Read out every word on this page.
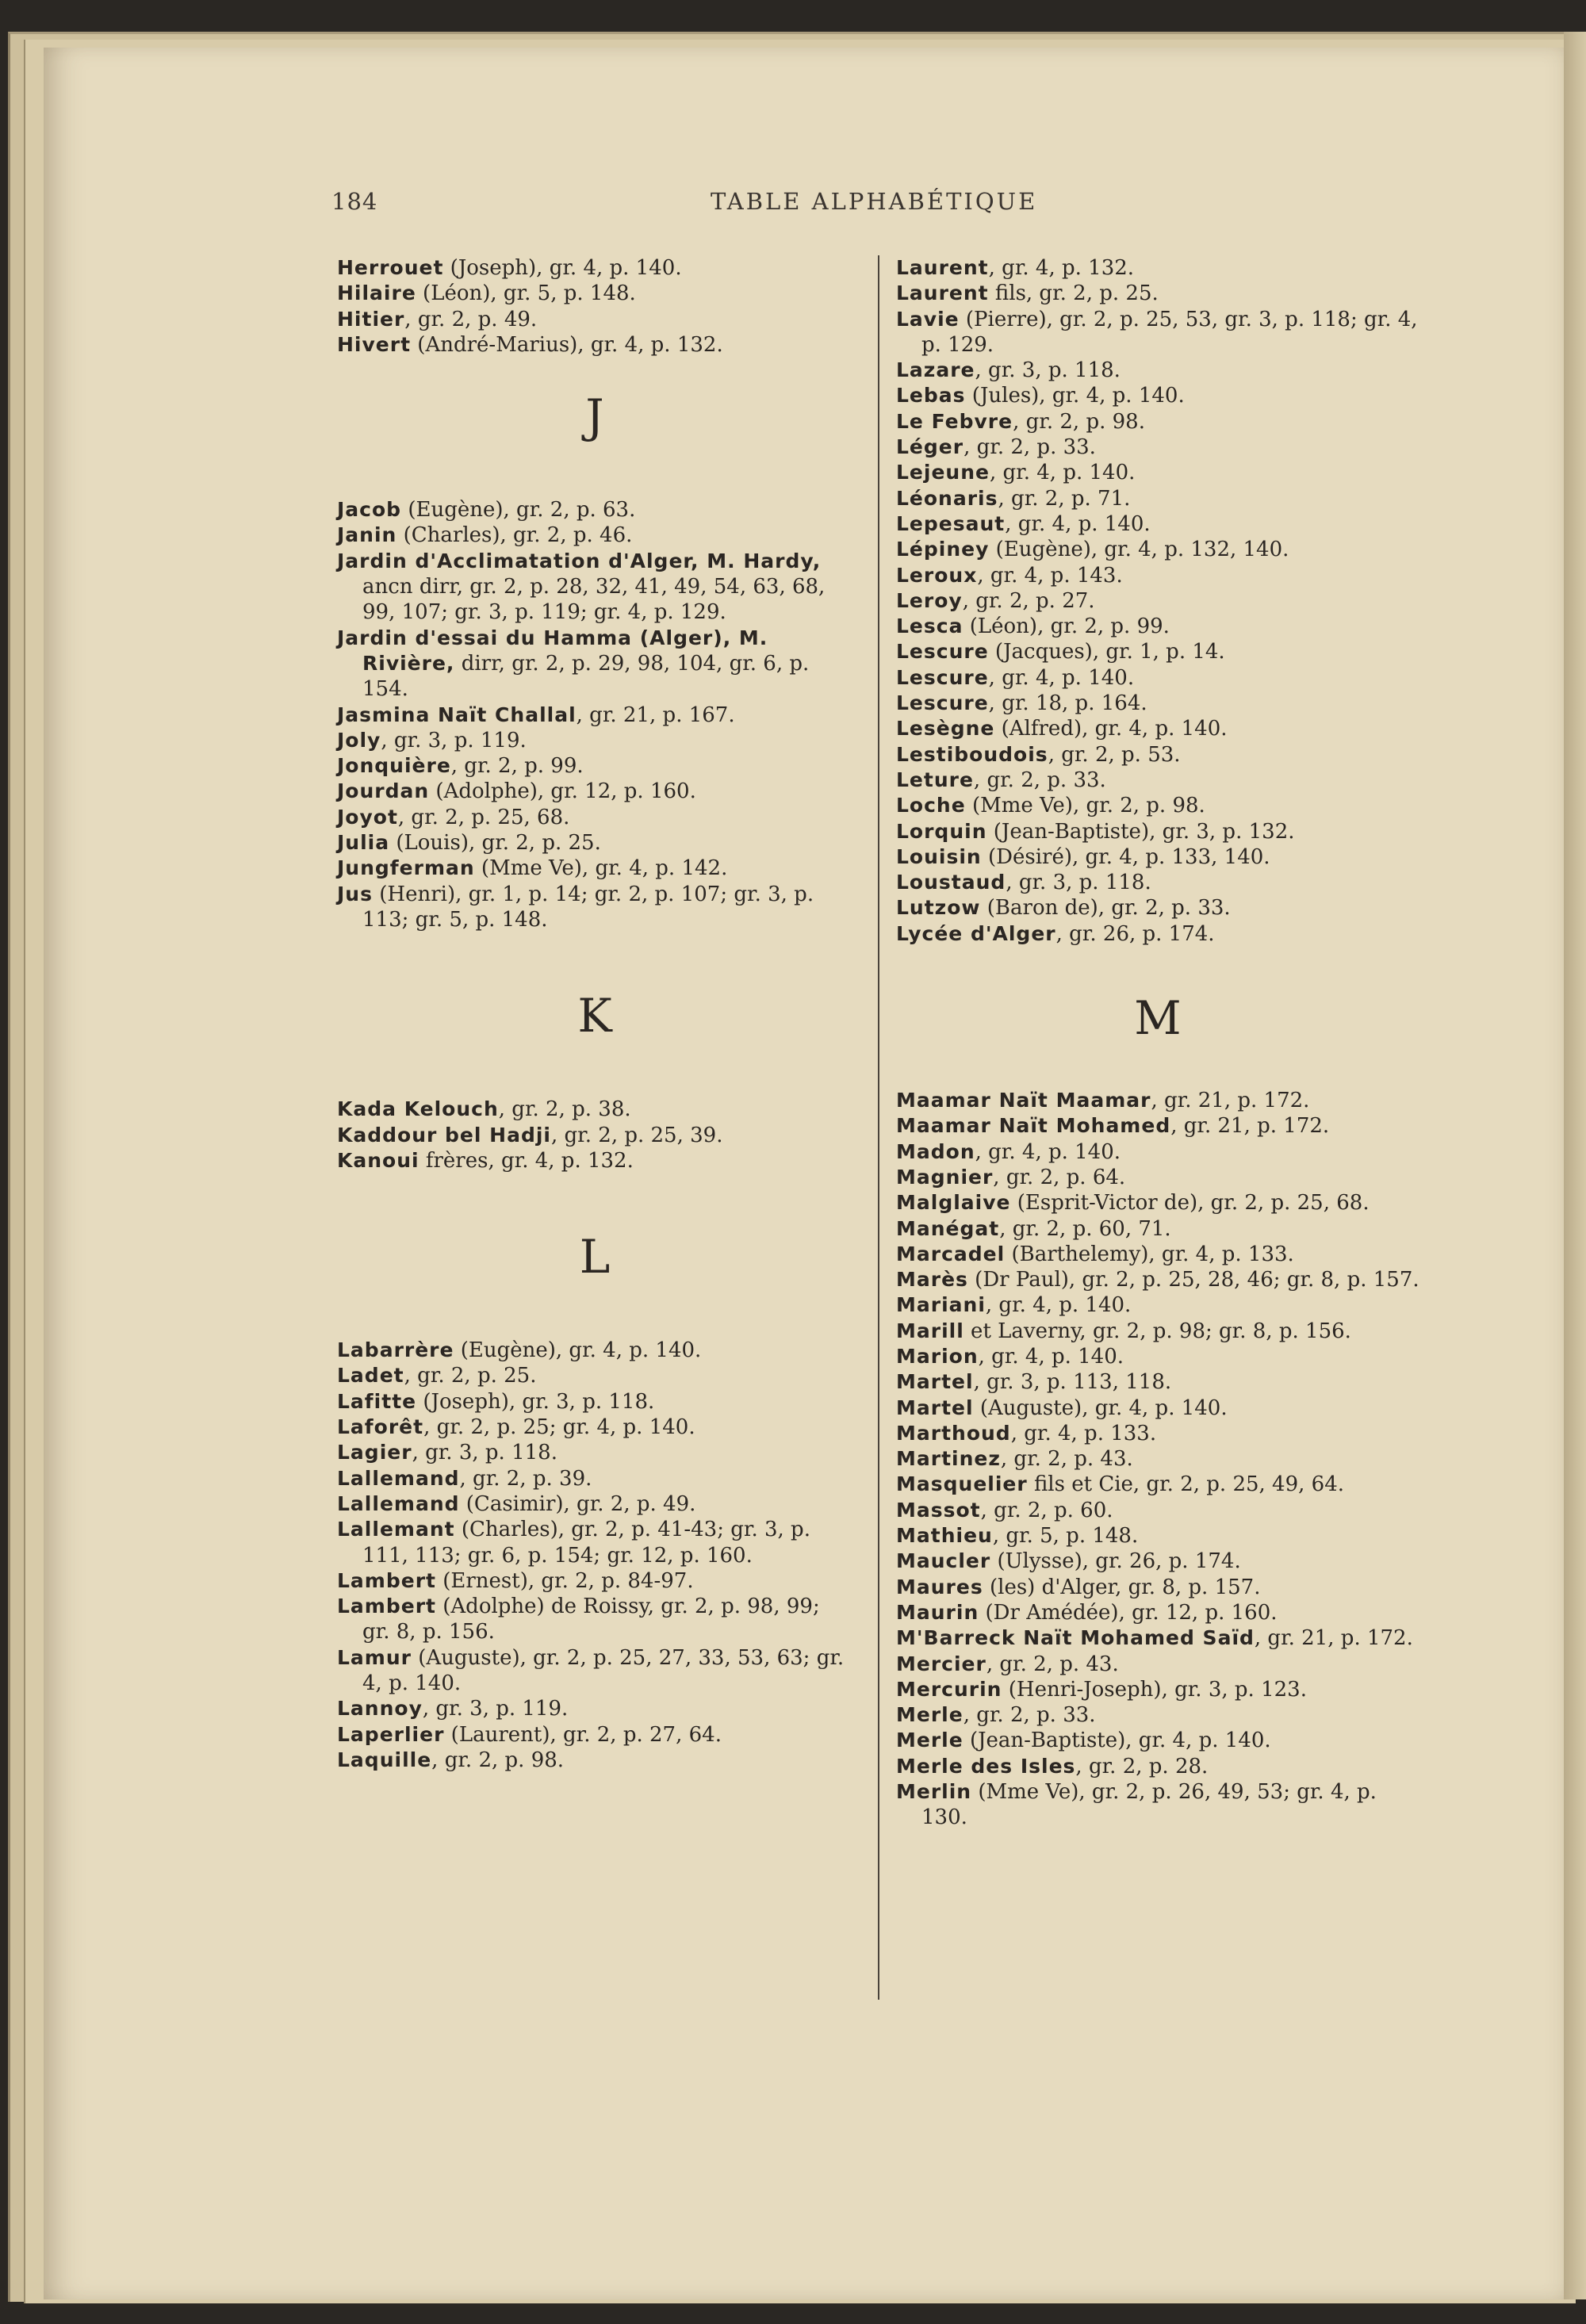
184	TABLE ALPHABÉTIQUE
Herrouet (Joseph), gr. 4, p. 140.
Hilaire (Léon), gr. 5, p. 148.
Hitier, gr. 2, p. 49.
Hivert (André-Marius), gr. 4, p. 132.
J
Jacob (Eugène), gr. 2, p. 63.
Janin (Charles), gr. 2, p. 46.
Jardin d'Acclimatation d'Alger, M. Hardy, ancn dirr, gr. 2, p. 28, 32, 41, 49, 54, 63, 68, 99, 107; gr. 3, p. 119; gr. 4, p. 129.
Jardin d'essai du Hamma (Alger), M. Rivière, dirr, gr. 2, p. 29, 98, 104, gr. 6, p. 154.
Jasmina Naït Challal, gr. 21, p. 167.
Joly, gr. 3, p. 119.
Jonquière, gr. 2, p. 99.
Jourdan (Adolphe), gr. 12, p. 160.
Joyot, gr. 2, p. 25, 68.
Julia (Louis), gr. 2, p. 25.
Jungferman (Mme Ve), gr. 4, p. 142.
Jus (Henri), gr. 1, p. 14; gr. 2, p. 107; gr. 3, p. 113; gr. 5, p. 148.
K
Kada Kelouch, gr. 2, p. 38.
Kaddour bel Hadji, gr. 2, p. 25, 39.
Kanoui frères, gr. 4, p. 132.
L
Labarrère (Eugène), gr. 4, p. 140.
Ladet, gr. 2, p. 25.
Lafitte (Joseph), gr. 3, p. 118.
Laforêt, gr. 2, p. 25; gr. 4, p. 140.
Lagier, gr. 3, p. 118.
Lallemand, gr. 2, p. 39.
Lallemand (Casimir), gr. 2, p. 49.
Lallemant (Charles), gr. 2, p. 41-43; gr. 3, p. 111, 113; gr. 6, p. 154; gr. 12, p. 160.
Lambert (Ernest), gr. 2, p. 84-97.
Lambert (Adolphe) de Roissy, gr. 2, p. 98, 99; gr. 8, p. 156.
Lamur (Auguste), gr. 2, p. 25, 27, 33, 53, 63; gr. 4, p. 140.
Lannoy, gr. 3, p. 119.
Laperlier (Laurent), gr. 2, p. 27, 64.
Laquille, gr. 2, p. 98.
Laurent, gr. 4, p. 132.
Laurent fils, gr. 2, p. 25.
Lavie (Pierre), gr. 2, p. 25, 53, gr. 3, p. 118; gr. 4, p. 129.
Lazare, gr. 3, p. 118.
Lebas (Jules), gr. 4, p. 140.
Le Febvre, gr. 2, p. 98.
Léger, gr. 2, p. 33.
Lejeune, gr. 4, p. 140.
Léonaris, gr. 2, p. 71.
Lepesaut, gr. 4, p. 140.
Lépiney (Eugène), gr. 4, p. 132, 140.
Leroux, gr. 4, p. 143.
Leroy, gr. 2, p. 27.
Lesca (Léon), gr. 2, p. 99.
Lescure (Jacques), gr. 1, p. 14.
Lescure, gr. 4, p. 140.
Lescure, gr. 18, p. 164.
Lesègne (Alfred), gr. 4, p. 140.
Lestiboudois, gr. 2, p. 53.
Leture, gr. 2, p. 33.
Loche (Mme Ve), gr. 2, p. 98.
Lorquin (Jean-Baptiste), gr. 3, p. 132.
Louisin (Désiré), gr. 4, p. 133, 140.
Loustaud, gr. 3, p. 118.
Lutzow (Baron de), gr. 2, p. 33.
Lycée d'Alger, gr. 26, p. 174.
M
Maamar Naït Maamar, gr. 21, p. 172.
Maamar Naït Mohamed, gr. 21, p. 172.
Madon, gr. 4, p. 140.
Magnier, gr. 2, p. 64.
Malglaive (Esprit-Victor de), gr. 2, p. 25, 68.
Manégat, gr. 2, p. 60, 71.
Marcadel (Barthelemy), gr. 4, p. 133.
Marès (Dr Paul), gr. 2, p. 25, 28, 46; gr. 8, p. 157.
Mariani, gr. 4, p. 140.
Marill et Laverny, gr. 2, p. 98; gr. 8, p. 156.
Marion, gr. 4, p. 140.
Martel, gr. 3, p. 113, 118.
Martel (Auguste), gr. 4, p. 140.
Marthoud, gr. 4, p. 133.
Martinez, gr. 2, p. 43.
Masquelier fils et Cie, gr. 2, p. 25, 49, 64.
Massot, gr. 2, p. 60.
Mathieu, gr. 5, p. 148.
Maucler (Ulysse), gr. 26, p. 174.
Maures (les) d'Alger, gr. 8, p. 157.
Maurin (Dr Amédée), gr. 12, p. 160.
M'Barreck Naït Mohamed Saïd, gr. 21, p. 172.
Mercier, gr. 2, p. 43.
Mercurin (Henri-Joseph), gr. 3, p. 123.
Merle, gr. 2, p. 33.
Merle (Jean-Baptiste), gr. 4, p. 140.
Merle des Isles, gr. 2, p. 28.
Merlin (Mme Ve), gr. 2, p. 26, 49, 53; gr. 4, p. 130.
